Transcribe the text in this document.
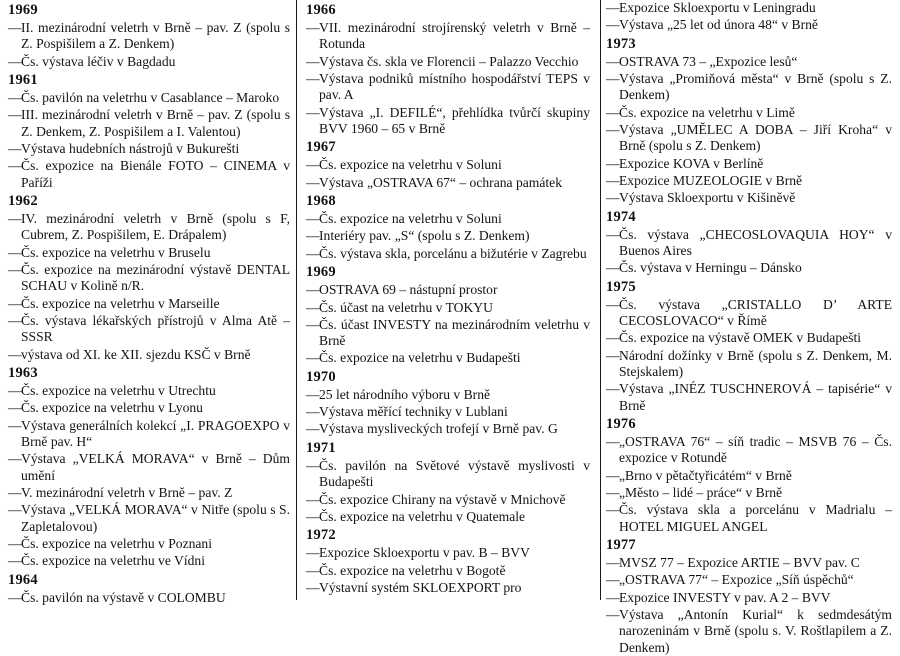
1969
— II. mezinárodní veletrh v Brně – pav. Z (spolu s Z. Pospišilem a Z. Denkem)
— Čs. výstava léčiv v Bagdadu
1961
— Čs. pavilón na veletrhu v Casablance – Maroko
— III. mezinárodní veletrh v Brně – pav. Z (spolu s Z. Denkem, Z. Pospišilem a I. Valentou)
— Výstava hudebních nástrojů v Bukurešti
— Čs. expozice na Bienále FOTO – CINEMA v Paříži
1962
— IV. mezinárodní veletrh v Brně (spolu s F, Cubrem, Z. Pospišilem, E. Drápalem)
— Čs. expozice na veletrhu v Bruselu
— Čs. expozice na mezinárodní výstavě DENTAL SCHAU v Kolině n/R.
— Čs. expozice na veletrhu v Marseille
— Čs. výstava lékařských přístrojů v Alma Atě – SSSR
— výstava od XI. ke XII. sjezdu KSČ v Brně
1963
— Čs. expozice na veletrhu v Utrechtu
— Čs. expozice na veletrhu v Lyonu
— Výstava generálních kolekcí „I. PRAGOEXPO v Brně pav. H“
— Výstava „VELKÁ MORAVA“ v Brně – Dům umění
— V. mezinárodní veletrh v Brně – pav. Z
— Výstava „VELKÁ MORAVA“ v Nitře (spolu s S. Zapletalovou)
— Čs. expozice na veletrhu v Poznani
— Čs. expozice na veletrhu ve Vídni
1964
— Čs. pavilón na výstavě v COLOMBU
1966
— VII. mezinárodní strojírenský veletrh v Brně – Rotunda
— Výstava čs. skla ve Florencii – Palazzo Vecchio
— Výstava podniků místního hospodářství TEPS v pav. A
— Výstava „I. DEFILÉ“, přehlídka tvůrčí skupiny BVV 1960 – 65 v Brně
1967
— Čs. expozice na veletrhu v Soluni
— Výstava „OSTRAVA 67“ – ochrana památek
1968
— Čs. expozice na veletrhu v Soluni
— Interiéry pav. „S“ (spolu s Z. Denkem)
— Čs. výstava skla, porcelánu a bižutérie v Zagrebu
1969
— OSTRAVA 69 – nástupní prostor
— Čs. účast na veletrhu v TOKYU
— Čs. účast INVESTY na mezinárodním veletrhu v Brně
— Čs. expozice na veletrhu v Budapešti
1970
— 25 let národního výboru v Brně
— Výstava měřící techniky v Lublani
— Výstava mysliveckých trofejí v Brně pav. G
1971
— Čs. pavilón na Světové výstavě myslivosti v Budapešti
— Čs. expozice Chirany na výstavě v Mnichově
— Čs. expozice na veletrhu v Quatemale
1972
— Expozice Skloexportu v pav. B – BVV
— Čs. expozice na veletrhu v Bogotě
— Výstavní systém SKLOEXPORT pro
— Expozice Skloexportu v Leningradu
— Výstava „25 let od února 48“ v Brně
1973
— OSTRAVA 73 – „Expozice lesů“
— Výstava „Promiňová města“ v Brně (spolu s Z. Denkem)
— Čs. expozice na veletrhu v Limě
— Výstava „UMĚLEC A DOBA – Jiří Kroha“ v Brně (spolu s Z. Denkem)
— Expozice KOVA v Berlíně
— Expozice MUZEOLOGIE v Brně
— Výstava Skloexportu v Kišiněvě
1974
— Čs. výstava „CHECOSLOVAQUIA HOY“ v Buenos Aires
— Čs. výstava v Herningu – Dánsko
1975
— Čs. výstava „CRISTALLO D’ ARTE CECOSLOVACO“ v Římě
— Čs. expozice na výstavě OMEK v Budapešti
— Národní dožínky v Brně (spolu s Z. Denkem, M. Stejskalem)
— Výstava „INÉZ TUSCHNEROVÁ – tapisérie“ v Brně
1976
— „OSTRAVA 76“ – síň tradic – MSVB 76 – Čs. expozice v Rotundě
— „Brno v pětačtyřicátém“ v Brně
— „Město – lidé – práce“ v Brně
— Čs. výstava skla a porcelánu v Madrialu – HOTEL MIGUEL ANGEL
1977
— MVSZ 77 – Expozice ARTIE – BVV pav. C
— „OSTRAVA 77“ – Expozice „Síň úspěchů“
— Expozice INVESTY v pav. A 2 – BVV
— Výstava „Antonín Kurial“ k sedmdesátým narozeninám v Brně (spolu s. V. Roštlapilem a Z. Denkem)
